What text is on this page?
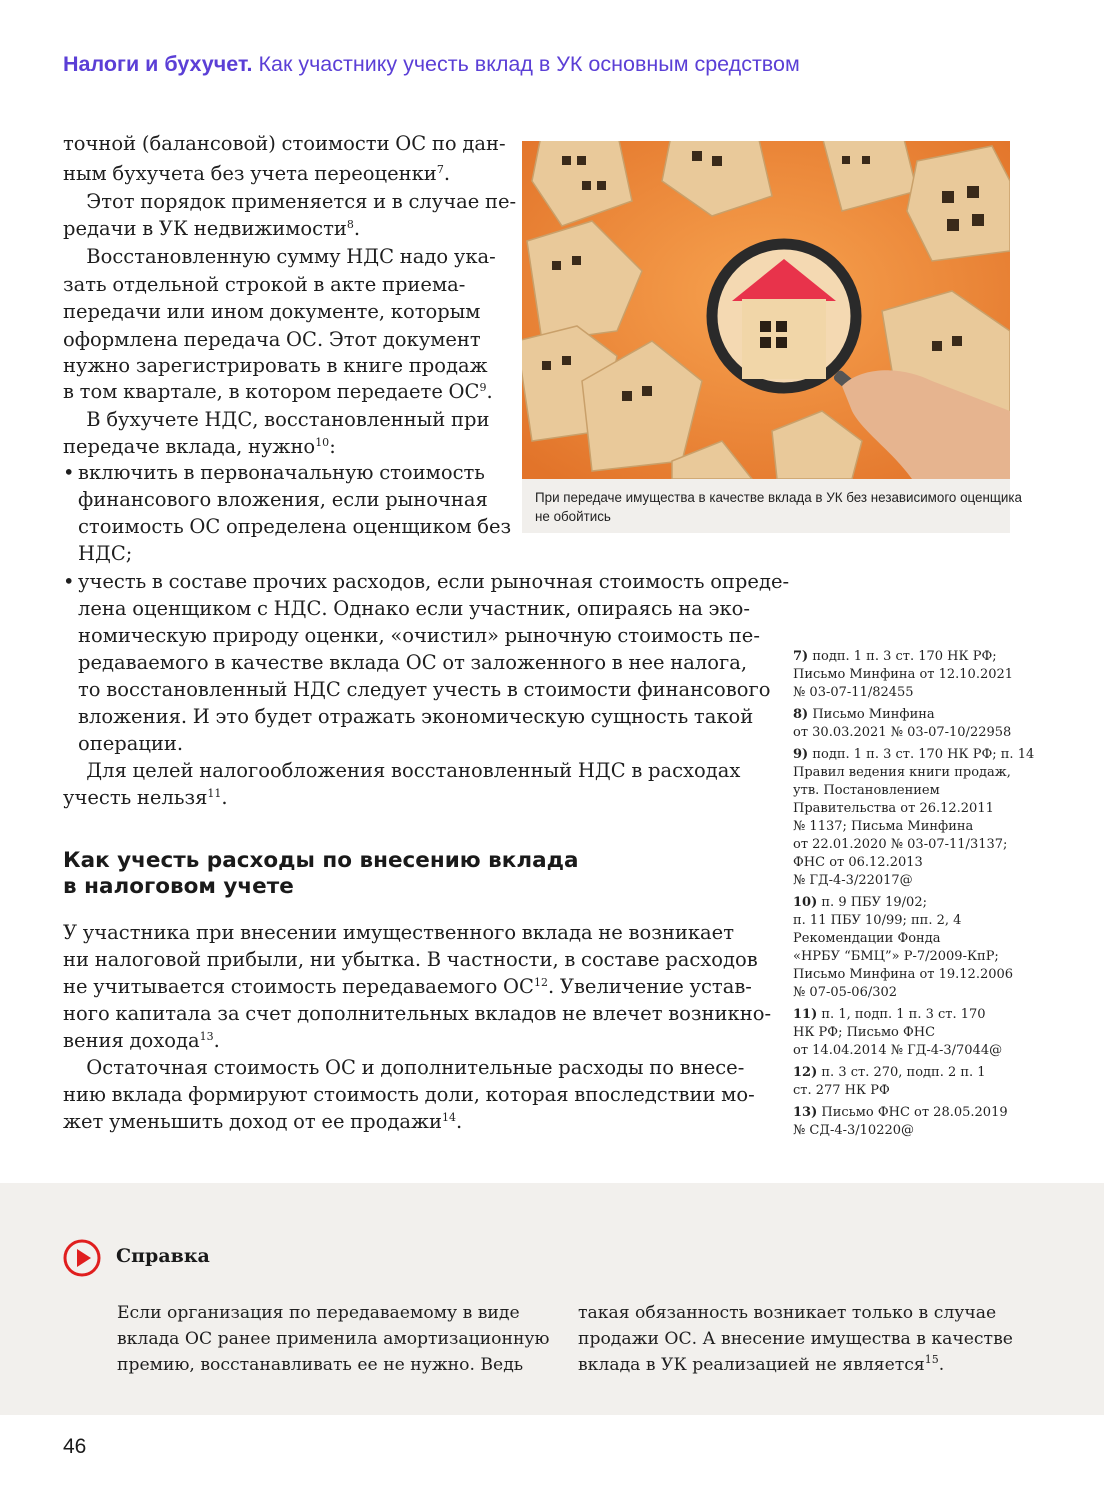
Налоги и бухучет. Как участнику учесть вклад в УК основным средством
точной (балансовой) стоимости ОС по дан-
ным бухучета без учета переоценки$^7$.
Этот порядок применяется и в случае пе-
редачи в УК недвижимости$^8$.
Восстановленную сумму НДС надо ука-
зать отдельной строкой в акте приема-
передачи или ином документе, которым
оформлена передача ОС. Этот документ
нужно зарегистрировать в книге продаж
в том квартале, в котором передаете $ОС^9$.
В бухучете НДС, восстановленный при
передаче вклада, нужно$^{10}$:
• включить в первоначальную стоимость
финансового вложения, если рыночная
стоимость ОС определена оценщиком без
НДС;
• учесть в составе прочих расходов, если рыночная стоимость опреде-
лена оценщиком с НДС. Однако если участник, опираясь на эко-
номическую природу оценки, «очистил» рыночную стоимость пе-
редаваемого в качестве вклада ОС от заложенного в нее налога,
то восстановленный НДС следует учесть в стоимости финансового
вложения. И это будет отражать экономическую сущность такой
операции.
Для целей налогообложения восстановленный НДС в расходах
учесть нельзя$^{11}$.
Как учесть расходы по внесению вклада
в налоговом учете
У участника при внесении имущественного вклада не возникает
ни налоговой прибыли, ни убытка. В частности, в составе расходов
не учитывается стоимость передаваемого ОС$^{12}$. Увеличение устав-
ного капитала за счет дополнительных вкладов не влечет возникно-
вения дохода$^{13}$.
Остаточная стоимость ОС и дополнительные расходы по внесе-
нию вклада формируют стоимость доли, которая впоследствии мо-
жет уменьшить доход от ее продажи$^{14}$.
При передаче имущества в качестве вклада в УК без независимого оценщика
не обойтись
7) подп. 1 п. 3 ст. 170 НК РФ;
Письмо Минфина от 12.10.2021
№ 03-07-11/82455
8) Письмо Минфина
от 30.03.2021 № 03-07-10/22958
9) подп. 1 п. 3 ст. 170 НК РФ; п. 14
Правил ведения книги продаж,
утв. Постановлением
Правительства от 26.12.2011
№ 1137; Письма Минфина
от 22.01.2020 № 03-07-11/3137;
ФНС от 06.12.2013
№ ГД-4-3/22017@
10) п. 9 ПБУ 19/02;
п. 11 ПБУ 10/99; пп. 2, 4
Рекомендации Фонда
«НРБУ “БМЦ”» Р-7/2009-КпР;
Письмо Минфина от 19.12.2006
№ 07-05-06/302
11) п. 1, подп. 1 п. 3 ст. 170
НК РФ; Письмо ФНС
от 14.04.2014 № ГД-4-3/7044@
12) п. 3 ст. 270, подп. 2 п. 1
ст. 277 НК РФ
13) Письмо ФНС от 28.05.2019
№ СД-4-3/10220@
Справка
Если организация по передаваемому в виде
вклада ОС ранее применила амортизационную
премию, восстанавливать ее не нужно. Ведь
такая обязанность возникает только в случае
продажи ОС. А внесение имущества в качестве
вклада в УК реализацией не является$^{15}$.
46
